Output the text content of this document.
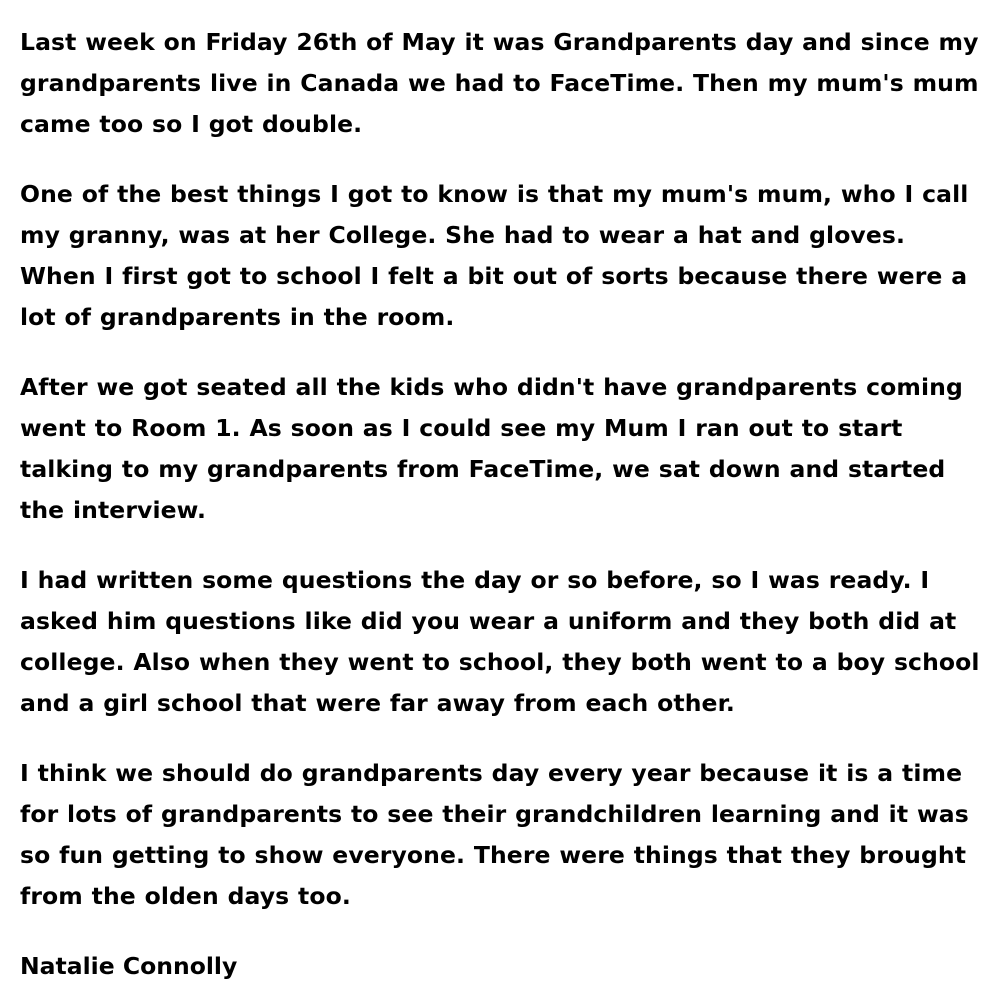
Last week on Friday 26th of May it was Grandparents day and since my grandparents live in Canada we had to FaceTime. Then my mum's mum came too so I got double.

One of the best things I got to know is that my mum's mum, who I call my granny, was at her College. She had to wear a hat and gloves. When I first got to school I felt a bit out of sorts because there were a lot of grandparents in the room.

After we got seated all the kids who didn't have grandparents coming went to Room 1. As soon as I could see my Mum I ran out to start talking to my grandparents from FaceTime, we sat down and started the interview.

I had written some questions the day or so before, so I was ready. I asked him questions like did you wear a uniform and they both did at college. Also when they went to school, they both went to a boy school and a girl school that were far away from each other.

I think we should do grandparents day every year because it is a time for lots of grandparents to see their grandchildren learning and it was so fun getting to show everyone. There were things that they brought from the olden days too.

Natalie Connolly
